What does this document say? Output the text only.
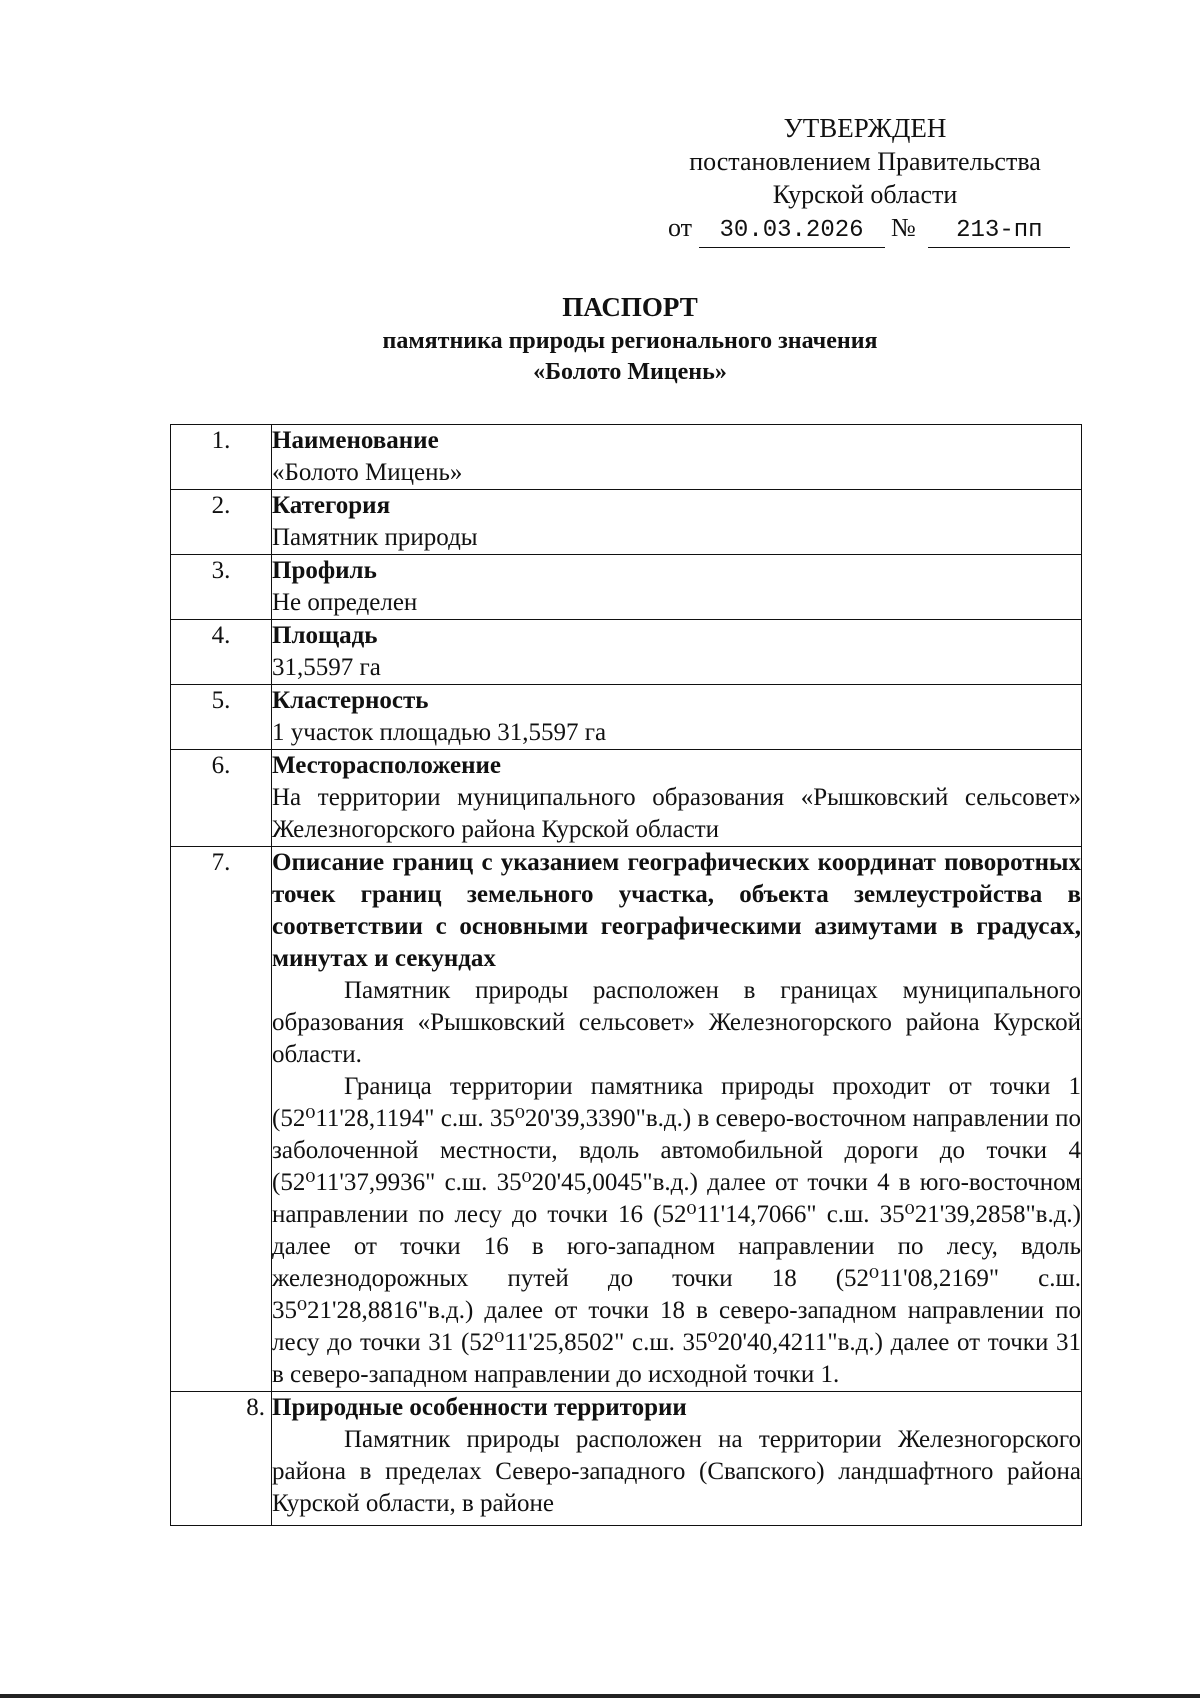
УТВЕРЖДЕН
постановлением Правительства
Курской области
от 30.03.2026 № 213-пп
ПАСПОРТ
памятника природы регионального значения
«Болото Мицень»
1.	Наименование
«Болото Мицень»

2.	Категория
Памятник природы

3.	Профиль
Не определен

4.	Площадь
31,5597 га

5.	Кластерность
1 участок площадью 31,5597 га

6.	Месторасположение
На территории муниципального образования «Рышковский сельсовет» Железногорского района Курской области

7.	Описание границ с указанием географических координат поворотных точек границ земельного участка, объекта землеустройства в соответствии с основными географическими азимутами в градусах, минутах и секундах
Памятник природы расположен в границах муниципального образования «Рышковский сельсовет» Железногорского района Курской области.
Граница территории памятника природы проходит от точки 1 (52⁰11'28,1194" с.ш. 35⁰20'39,3390"в.д.) в северо-восточном направлении по заболоченной местности, вдоль автомобильной дороги до точки 4 (52⁰11'37,9936" с.ш. 35⁰20'45,0045"в.д.) далее от точки 4 в юго-восточном направлении по лесу до точки 16 (52⁰11'14,7066" с.ш. 35⁰21'39,2858"в.д.) далее от точки 16 в юго-западном направлении по лесу, вдоль железнодорожных путей до точки 18 (52⁰11'08,2169" с.ш. 35⁰21'28,8816"в.д.) далее от точки 18 в северо-западном направлении по лесу до точки 31 (52⁰11'25,8502" с.ш. 35⁰20'40,4211"в.д.) далее от точки 31 в северо-западном направлении до исходной точки 1.

8.	Природные особенности территории
Памятник природы расположен на территории Железногорского района в пределах Северо-западного (Свапского) ландшафтного района Курской области, в районе
